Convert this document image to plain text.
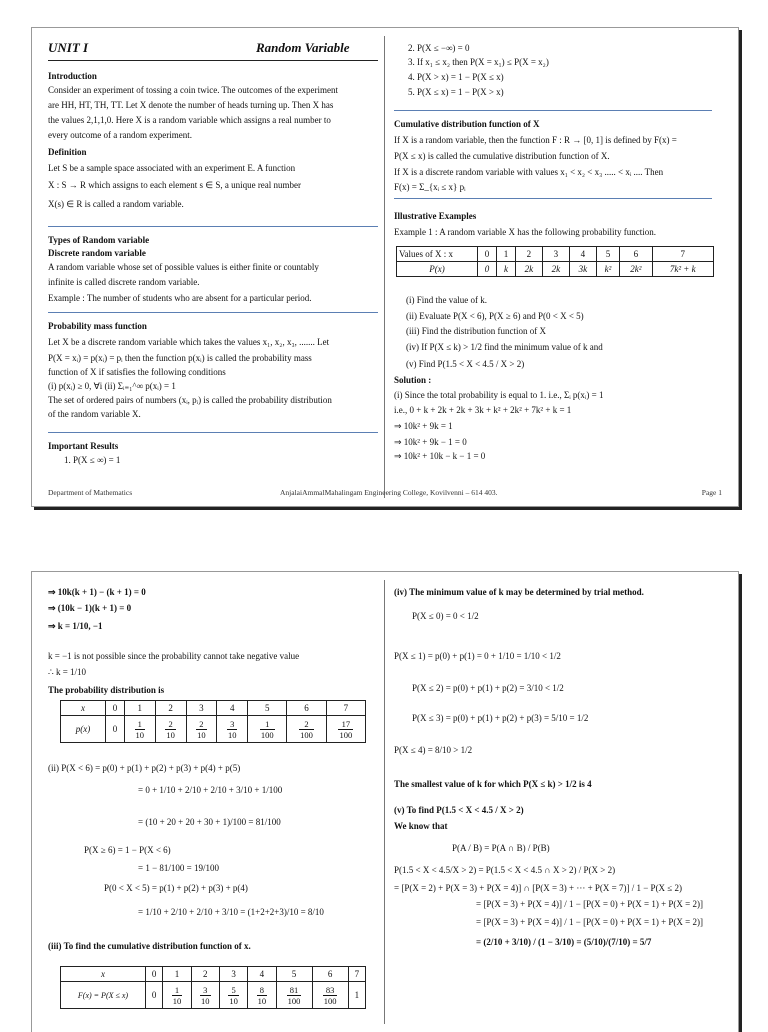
UNIT I	Random Variable
Introduction
Consider an experiment of tossing a coin twice. The outcomes of the experiment
are HH, HT, TH, TT. Let X denote the number of heads turning up. Then X has
the values 2,1,1,0. Here X is a random variable which assigns a real number to
every outcome of a random experiment.
Definition
Let S be a sample space associated with an experiment E. A function
X : S → R which assigns to each element s ∈ S, a unique real number
X(s) ∈ R is called a random variable.
Types of Random variable
Discrete random variable
A random variable whose set of possible values is either finite or countably
infinite is called discrete random variable.
Example : The number of students who are absent for a particular period.
Probability mass function
Let X be a discrete random variable which takes the values x₁, x₂, x₃, ....... Let
P(X = xᵢ) = p(xᵢ) = pᵢ then the function p(xᵢ) is called the probability mass
function of X if satisfies the following conditions
(i) p(xᵢ) ≥ 0, ∀i (ii) Σᵢ₌₁^∞ p(xᵢ) = 1
The set of ordered pairs of numbers (xᵢ, pᵢ) is called the probability distribution
of the random variable X.
Important Results
1. P(X ≤ ∞) = 1
2. P(X ≤ −∞) = 0
3. If x₁ ≤ x₂ then P(X = x₁) ≤ P(X = x₂)
4. P(X > x) = 1 − P(X ≤ x)
5. P(X ≤ x) = 1 − P(X > x)
Cumulative distribution function of X
If X is a random variable, then the function F : R → [0, 1] is defined by F(x) =
P(X ≤ x) is called the cumulative distribution function of X.
If X is a discrete random variable with values x₁ < x₂ < x₃ ..... < xᵢ .... Then
F(x) = Σ_{xᵢ ≤ x} pᵢ
Illustrative Examples
Example 1 : A random variable X has the following probability function.
(i) Find the value of k.
(ii) Evaluate P(X < 6), P(X ≥ 6) and P(0 < X < 5)
(iii) Find the distribution function of X
(iv) If P(X ≤ k) > 1/2 find the minimum value of k and
(v) Find P(1.5 < X < 4.5 / X > 2)
Solution :
(i) Since the total probability is equal to 1. i.e., Σᵢ p(xᵢ) = 1
i.e., 0 + k + 2k + 2k + 3k + k² + 2k² + 7k² + k = 1
⇒ 10k² + 9k = 1
⇒ 10k² + 9k − 1 = 0
⇒ 10k² + 10k − k − 1 = 0
Values of X : x	0	1	2	3	4	5	6	7
P(x)	0	k	2k	2k	3k	k²	2k²	7k² + k
Department of Mathematics	AnjalaiAmmalMahalingam Engineering College, Kovilvenni – 614 403.	Page 1
⇒ 10k(k + 1) − (k + 1) = 0
⇒ (10k − 1)(k + 1) = 0
⇒ k = 1/10, −1
k = −1 is not possible since the probability cannot take negative value
∴ k = 1/10
The probability distribution is
(ii) P(X < 6) = p(0) + p(1) + p(2) + p(3) + p(4) + p(5)
= 0 + 1/10 + 2/10 + 2/10 + 3/10 + 1/100
= (10 + 20 + 20 + 30 + 1)/100 = 81/100
P(X ≥ 6) = 1 − P(X < 6)
= 1 − 81/100 = 19/100
P(0 < X < 5) = p(1) + p(2) + p(3) + p(4)
= 1/10 + 2/10 + 2/10 + 3/10 = (1+2+2+3)/10 = 8/10
(iii) To find the cumulative distribution function of x.
(iv) The minimum value of k may be determined by trial method.
P(X ≤ 0) = 0 < 1/2
P(X ≤ 1) = p(0) + p(1) = 0 + 1/10 = 1/10 < 1/2
P(X ≤ 2) = p(0) + p(1) + p(2) = 3/10 < 1/2
P(X ≤ 3) = p(0) + p(1) + p(2) + p(3) = 5/10 = 1/2
P(X ≤ 4) = 8/10 > 1/2
The smallest value of k for which P(X ≤ k) > 1/2 is 4
(v) To find P(1.5 < X < 4.5 / X > 2)
We know that
P(A / B) = P(A ∩ B) / P(B)
P(1.5 < X < 4.5/X > 2) = P(1.5 < X < 4.5 ∩ X > 2) / P(X > 2)
= [P(X = 2) + P(X = 3) + P(X = 4)] ∩ [P(X = 3) + ··· + P(X = 7)] / 1 − P(X ≤ 2)
= [P(X = 3) + P(X = 4)] / 1 − [P(X = 0) + P(X = 1) + P(X = 2)]
= [P(X = 3) + P(X = 4)] / 1 − [P(X = 0) + P(X = 1) + P(X = 2)]
= (2/10 + 3/10) / (1 − 3/10) = (5/10)/(7/10) = 5/7
x	0	1	2	3	4	5	6	7
p(x)	0	$\frac{1}{10}$	$\frac{2}{10}$	$\frac{2}{10}$	$\frac{3}{10}$	$\frac{1}{100}$	$\frac{2}{100}$	$\frac{17}{100}$
x	0	1	2	3	4	5	6	7
F(x) = P(X ≤ x)	0	$\frac{1}{10}$	$\frac{3}{10}$	$\frac{5}{10}$	$\frac{8}{10}$	$\frac{81}{100}$	$\frac{83}{100}$	1
